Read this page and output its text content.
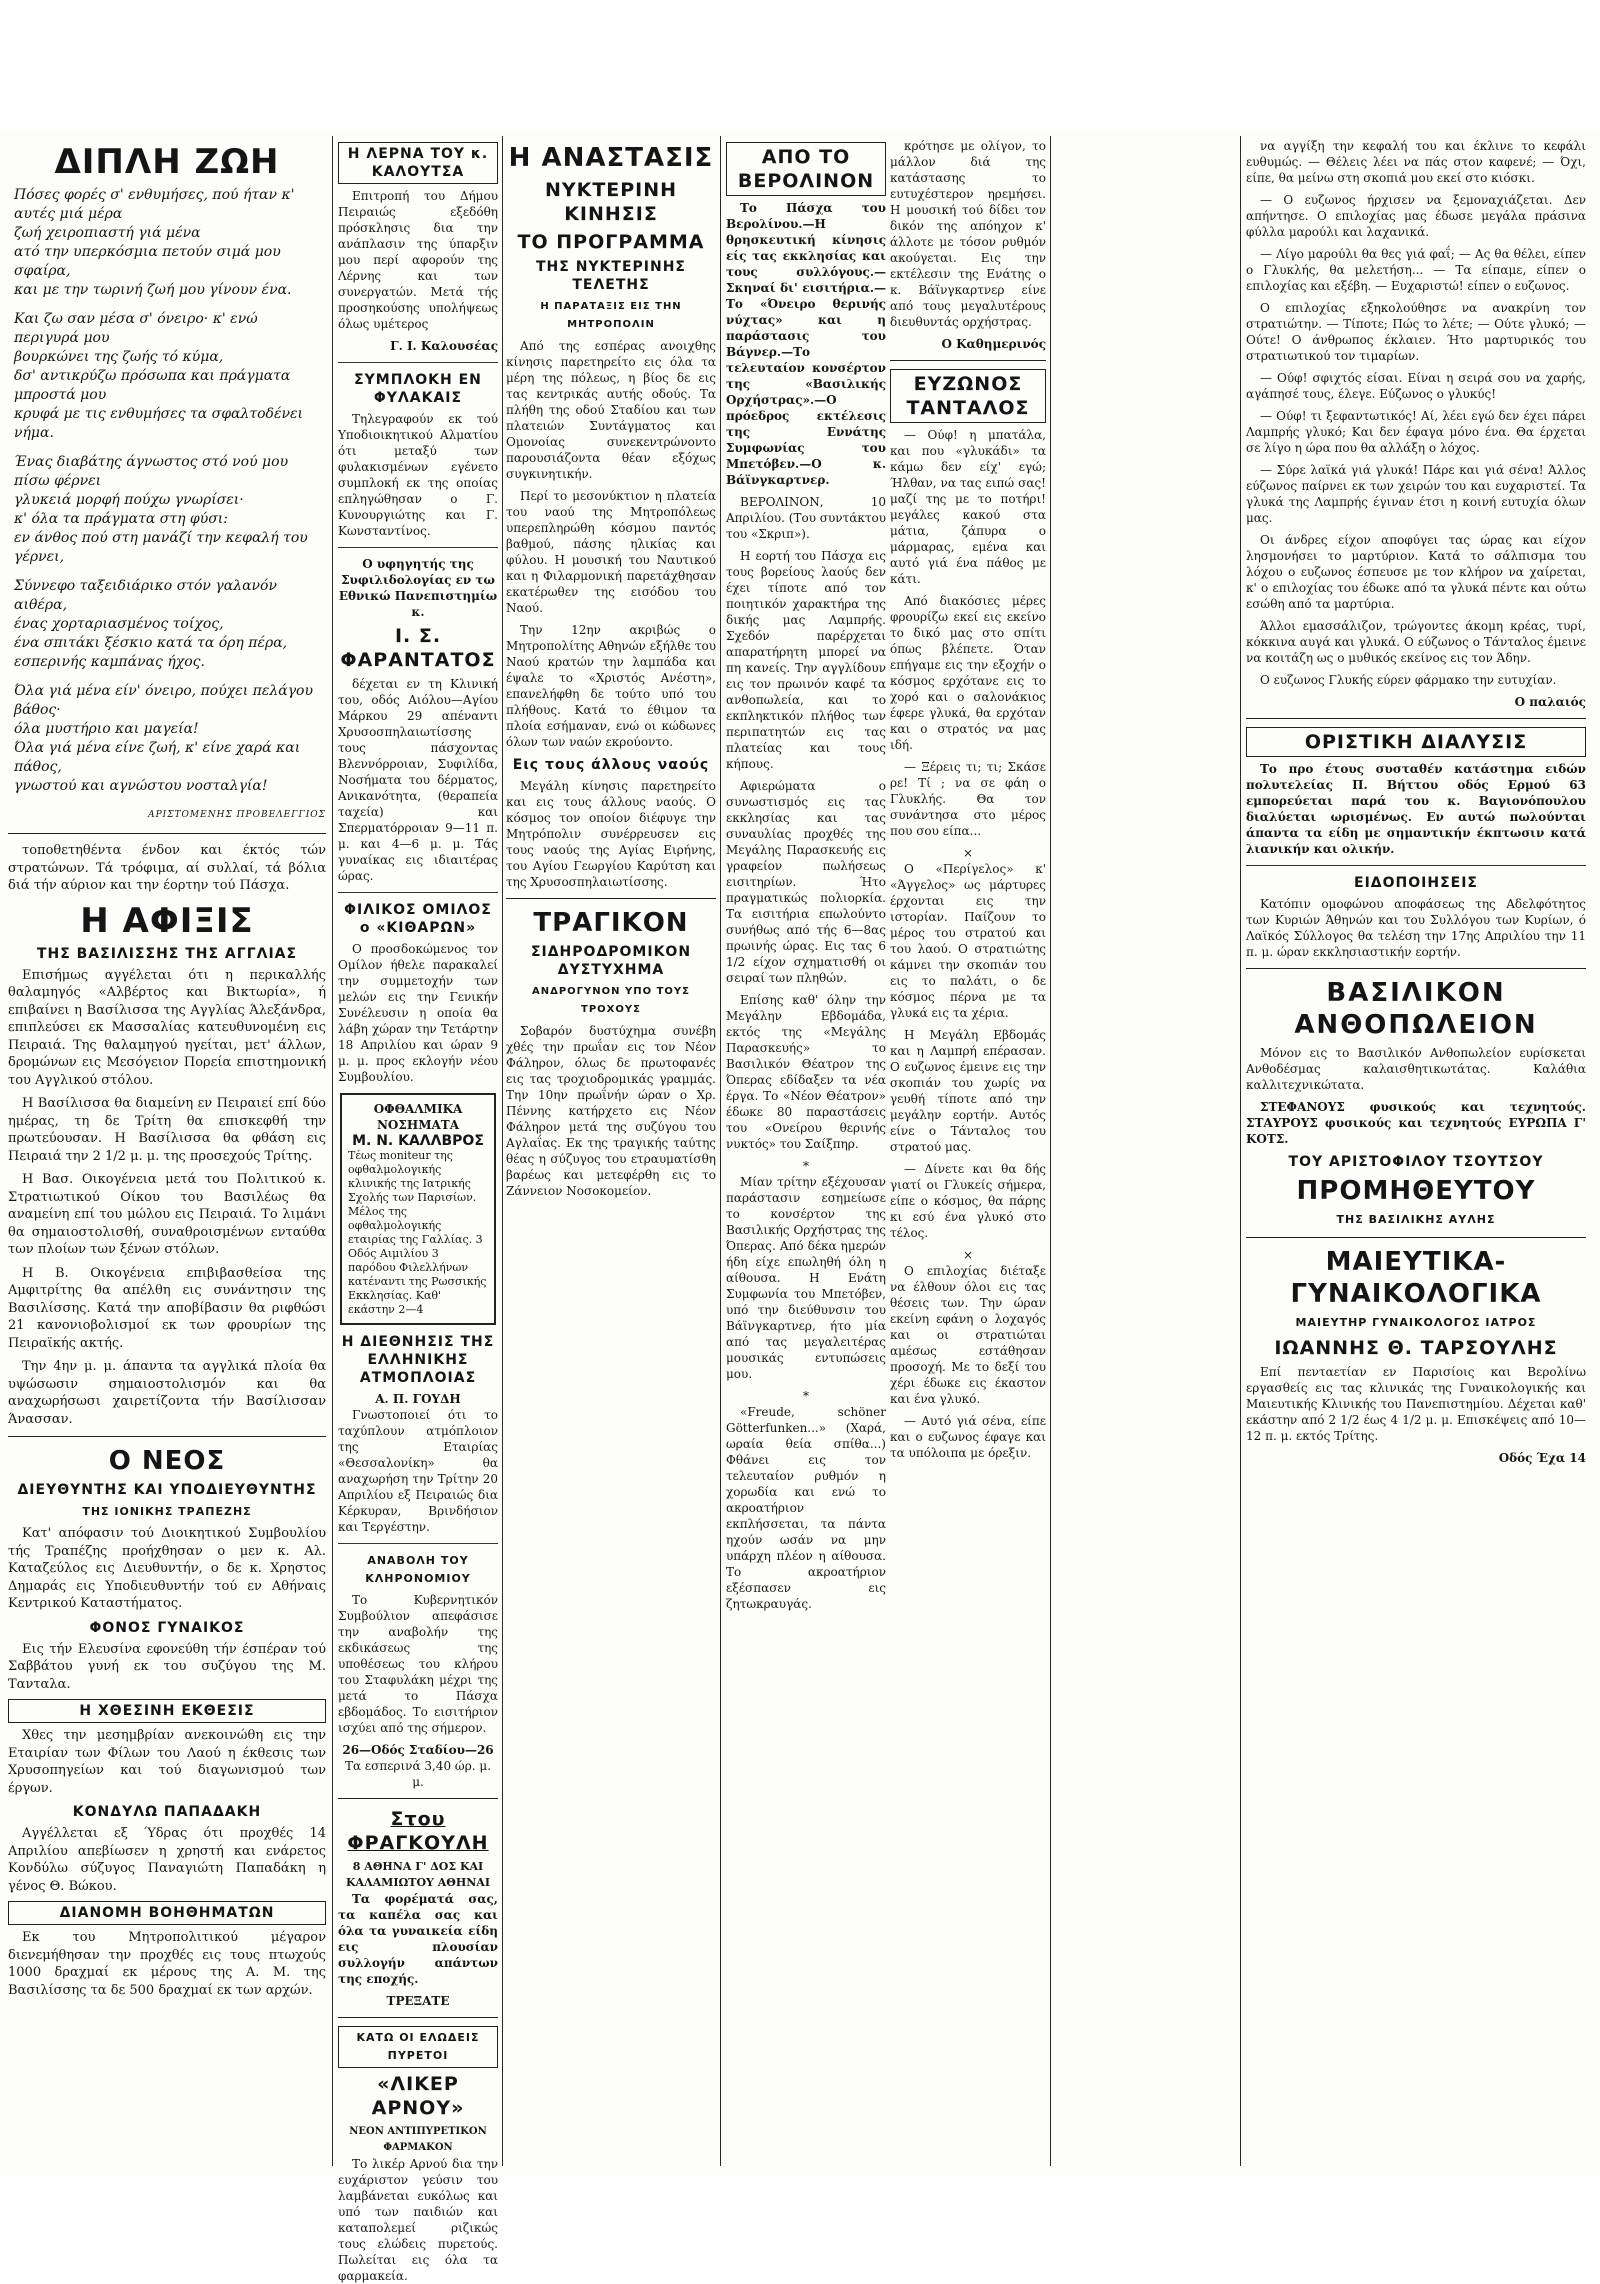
ΔΙΠΛΗ ΖΩΗ

Πόσες φορές σ' ενθυμήσες, πού ήταν κ' αυτές μιά μέρα

ζωή χειροπιαστή γιά μένα

ατό την υπερκόσμια πετούν σιμά μου σφαίρα,

και με την τωρινή ζωή μου γίνουν ένα.

Και ζω σαν μέσα σ' όνειρο· κ' ενώ περιγυρά μου

βουρκώνει της ζωής τό κύμα,

δσ' αντικρύζω πρόσωπα και πράγματα μπροστά μου

κρυφά με τις ενθυμήσες τα σφαλτοδένει νήμα.

Ένας διαβάτης άγνωστος στό νού μου πίσω φέρνει

γλυκειά μορφή πούχω γνωρίσει·

κ' όλα τα πράγματα στη φύσι:

εν άνθος πού στη μανάζί την κεφαλή του γέρνει,

Σύννεφο ταξειδιάρικο στόν γαλανόν αιθέρα,

ένας χορταριασμένος τοίχος,

ένα σπιτάκι ξέσκιο κατά τα όρη πέρα,

εσπερινής καμπάνας ήχος.

Όλα γιά μένα είν' όνειρο, πούχει πελάγου βάθος·

όλα μυστήριο και μαγεία!

Όλα γιά μένα είνε ζωή, κ' είνε χαρά και πάθος,

γνωστού και αγνώστου νοσταλγία!

ΑΡΙΣΤΟΜΕΝΗΣ ΠΡΟΒΕΛΕΓΓΙΟΣ

τοποθετηθέντα ένδον και έκτός τών στρατώνων. Τά τρόφιμα, αί συλλαί, τά βόλια διά τήν αύριον και την έορτην τού Πάσχα.

Η ΑΦΙΞΙΣ
ΤΗΣ ΒΑΣΙΛΙΣΣΗΣ ΤΗΣ ΑΓΓΛΙΑΣ

Επισήμως αγγέλεται ότι η περικαλλής θαλαμηγός «Αλβέρτος και Βικτωρία», ή επιβαίνει η Βασίλισσα της Αγγλίας Άλεξάνδρα, επιπλεύσει εκ Μασσαλίας κατευθυνομένη εις Πειραιά. Της θαλαμηγού ηγείται, μετ' άλλων, δρομώνων εις Μεσόγειον Πορεία επιστημονική του Αγγλικού στόλου.

Η Βασίλισσα θα διαμείνη εν Πειραιεί επί δύο ημέρας, τη δε Τρίτη θα επισκεφθή την πρωτεύουσαν. Η Βασίλισσα θα φθάση εις Πειραιά την 2 1/2 μ. μ. της προσεχούς Τρίτης.

Η Βασ. Οικογένεια μετά του Πολιτικού κ. Στρατιωτικού Οίκου του Βασιλέως θα αναμείνη επί του μώλου εις Πειραιά. Το λιμάνι θα σημαιοστολισθή, συναθροισμένων ενταύθα των πλοίων των ξένων στόλων.

Η Β. Οικογένεια επιβιβασθείσα της Αμφιτρίτης θα απέλθη εις συνάντησιν της Βασιλίσσης. Κατά την αποβίβασιν θα ριφθώσι 21 κανονιοβολισμοί εκ των φρουρίων της Πειραϊκής ακτής.

Την 4ην μ. μ. άπαντα τα αγγλικά πλοία θα υψώσωσιν σημαιοστολισμόν και θα αναχωρήσωσι χαιρετίζοντα τήν Βασίλισσαν Άνασσαν.

Ο ΝΕΟΣ
ΔΙΕΥΘΥΝΤΗΣ ΚΑΙ ΥΠΟΔΙΕΥΘΥΝΤΗΣ
ΤΗΣ ΙΟΝΙΚΗΣ ΤΡΑΠΕΖΗΣ

Κατ' απόφασιν τού Διοικητικού Συμβουλίου τής Τραπέζης προήχθησαν ο μεν κ. Αλ. Καταζεύλος εις Διευθυντήν, ο δε κ. Χρηστος Δημαράς εις Υποδιευθυντήν τού εν Αθήναις Κεντρικού Καταστήματος.

ΦΟΝΟΣ ΓΥΝΑΙΚΟΣ

Εις τήν Ελευσίνα εφονεύθη τήν έσπέραν τού Σαββάτου γυνή εκ του συζύγου της Μ. Τανταλα.

Η ΧΘΕΣΙΝΗ ΕΚΘΕΣΙΣ

Χθες την μεσημβρίαν ανεκοινώθη εις την Εταιρίαν των Φίλων του Λαού η έκθεσις των Χρυσοπηγείων και τού διαγωνισμού των έργων.

ΚΟΝΔΥΛΩ ΠΑΠΑΔΑΚΗ

Αγγέλλεται εξ Ύδρας ότι προχθές 14 Απριλίου απεβίωσεν η χρηστή και ενάρετος Κονδύλω σύζυγος Παναγιώτη Παπαδάκη η γένος Θ. Βώκου.

ΔΙΑΝΟΜΗ ΒΟΗΘΗΜΑΤΩΝ

Εκ του Μητροπολιτικού μέγαρον διενεμήθησαν την προχθές εις τους πτωχούς 1000 δραχμαί εκ μέρους της Α. Μ. της Βασιλίσσης τα δε 500 δραχμαί εκ των αρχών.

Η ΛΕΡΝΑ ΤΟΥ κ. ΚΑΛΟΥΤΣΑ

Επιτροπή του Δήμου Πειραιώς εξεδόθη πρόσκλησις δια την ανάπλασιν της ύπαρξιν μου περί αφορούν της Λέρνης και των συνεργατών. Μετά τής προσηκούσης υπολήψεως όλως υμέτερος

Γ. Ι. Καλουσέας
ΣΥΜΠΛΟΚΗ ΕΝ ΦΥΛΑΚΑΙΣ

Τηλεγραφούν εκ τού Υποδιοικητικού Αλματίου ότι μεταξύ των φυλακισμένων εγένετο συμπλοκή εκ της οποίας επληγώθησαν ο Γ. Κυνουργιώτης και Γ. Κωνσταντίνος.

Ο υφηγητής της Συφιλιδολογίας εν τω Εθνικώ Πανεπιστημίω κ.
Ι. Σ. ΦΑΡΑΝΤΑΤΟΣ

δέχεται εν τη Κλινική του, οδός Αιόλου—Αγίου Μάρκου 29 απέναντι Χρυσοσπηλαιωτίσσης τους πάσχοντας Βλεννόρροιαν, Συφιλίδα, Νοσήματα του δέρματος, Ανικανότητα, (θεραπεία ταχεία) και Σπερματόρροιαν 9—11 π. μ. και 4—6 μ. μ. Τάς γυναίκας εις ιδιαιτέρας ώρας.

ΦΙΛΙΚΟΣ ΟΜΙΛΟΣ ο «ΚΙΘΑΡΩΝ»

Ο προσδοκώμενος τον Ομίλον ήθελε παρακαλεί την συμμετοχήν των μελών εις την Γενικήν Συνέλευσιν η οποία θα λάβη χώραν την Τετάρτην 18 Απριλίου και ώραν 9 μ. μ. προς εκλογήν νέου Συμβουλίου.

ΟΦΘΑΛΜΙΚΑ ΝΟΣΗΜΑΤΑ
Μ. Ν. ΚΑΛΛΒΡΟΣ
Τέως moniteur της οφθαλμολογικής κλινικής της Ιατρικής Σχολής των Παρισίων. Μέλος της οφθαλμολογικής εταιρίας της Γαλλίας. 3 Οδός Αιμιλίου 3 παρόδου Φιλελλήνων κατέναντι της Ρωσσικής Εκκλησίας. Καθ' εκάστην 2—4
Η ΔΙΕΘΝΗΣΙΣ ΤΗΣ ΕΛΛΗΝΙΚΗΣ ΑΤΜΟΠΛΟΙΑΣ
Α. Π. ΓΟΥΔΗ

Γνωστοποιεί ότι το ταχύπλουν ατμόπλοιον της Εταιρίας «Θεσσαλονίκη» θα αναχωρήση την Τρίτην 20 Απριλίου εξ Πειραιώς δια Κέρκυραν, Βρινδήσιον και Τεργέστην.

ΑΝΑΒΟΛΗ ΤΟΥ ΚΛΗΡΟΝΟΜΙΟΥ

Το Κυβερνητικόν Συμβούλιον απεφάσισε την αναβολήν της εκδικάσεως της υποθέσεως του κλήρου του Σταφυλάκη μέχρι της μετά το Πάσχα εβδομάδος. Το εισιτήριον ισχύει από της σήμερον.

26—Οδός Σταδίου—26
Τα εσπερινά 3,40 ώρ. μ. μ.
Στου ΦΡΑΓΚΟΥΛΗ
8 ΑΘΗΝΑ Γ' ΔΟΣ ΚΑΙ ΚΑΛΑΜΙΩΤΟΥ ΑΘΗΝΑΙ

Τα φορέματά σας, τα καπέλα σας και όλα τα γυναικεία είδη εις πλουσίαν συλλογήν απάντων της εποχής.

ΤΡΕΞΑΤΕ
ΚΑΤΩ ΟΙ ΕΛΩΔΕΙΣ ΠΥΡΕΤΟΙ
«ΛΙΚΕΡ ΑΡΝΟΥ»
ΝΕΟΝ ΑΝΤΙΠΥΡΕΤΙΚΟΝ ΦΑΡΜΑΚΟΝ

Το λικέρ Αρνού δια την ευχάριστον γεύσιν του λαμβάνεται ευκόλως και υπό των παιδιών και καταπολεμεί ριζικώς τους ελώδεις πυρετούς. Πωλείται εις όλα τα φαρμακεία.

Η ΑΝΑΣΤΑΣΙΣ
ΝΥΚΤΕΡΙΝΗ ΚΙΝΗΣΙΣ
ΤΟ ΠΡΟΓΡΑΜΜΑ
ΤΗΣ ΝΥΚΤΕΡΙΝΗΣ ΤΕΛΕΤΗΣ
Η ΠΑΡΑΤΑΞΙΣ ΕΙΣ ΤΗΝ ΜΗΤΡΟΠΟΛΙΝ

Από της εσπέρας ανοιχθης κίνησις παρετηρείτο εις όλα τα μέρη της πόλεως, η βίος δε εις τας κεντρικάς αυτής οδούς. Τα πλήθη της οδού Σταδίου και των πλατειών Συντάγματος και Ομονοίας συνεκεντρώνοντο παρουσιάζοντα θέαν εξόχως συγκινητικήν.

Περί το μεσονύκτιον η πλατεία του ναού της Μητροπόλεως υπερεπληρώθη κόσμου παντός βαθμού, πάσης ηλικίας και φύλου. Η μουσική του Ναυτικού και η Φιλαρμονική παρετάχθησαν εκατέρωθεν της εισόδου του Ναού.

Την 12ην ακριβώς ο Μητροπολίτης Αθηνών εξήλθε του Ναού κρατών την λαμπάδα και έψαλε το «Χριστός Ανέστη», επανελήφθη δε τούτο υπό του πλήθους. Κατά το έθιμον τα πλοία εσήμαναν, ενώ οι κώδωνες όλων των ναών εκρούοντο.

Εις τους άλλους ναούς

Μεγάλη κίνησις παρετηρείτο και εις τους άλλους ναούς. Ο κόσμος τον οποίον διέφυγε την Μητρόπολιν συνέρρευσεν εις τους ναούς της Αγίας Ειρήνης, του Αγίου Γεωργίου Καρύτση και της Χρυσοσπηλαιωτίσσης.

ΤΡΑΓΙΚΟΝ
ΣΙΔΗΡΟΔΡΟΜΙΚΟΝ ΔΥΣΤΥΧΗΜΑ
ΑΝΔΡΟΓΥΝΟΝ ΥΠΟ ΤΟΥΣ ΤΡΟΧΟΥΣ

Σοβαρόν δυστύχημα συνέβη χθές την πρωΐαν εις τον Νέον Φάληρον, όλως δε πρωτοφανές εις τας τροχιοδρομικάς γραμμάς. Την 10ην πρωΐνήν ώραν ο Χρ. Πέννης κατήρχετο εις Νέον Φάληρον μετά της συζύγου του Αγλαΐας. Εκ της τραγικής ταύτης θέας η σύζυγος του ετραυματίσθη βαρέως και μετεφέρθη εις το Ζάννειον Νοσοκομείον.

ΑΠΟ ΤΟ ΒΕΡΟΛΙΝΟΝ

Το Πάσχα του Βερολίνου.—Η θρησκευτική κίνησις είς τας εκκλησίας και τους συλλόγους.—Σκηναί δι' εισιτήρια.—Το «Όνειρο θερινής νύχτας» και η παράστασις του Βάγνερ.—Το τελευταίον κονσέρτον της «Βασιλικής Ορχήστρας».—Ο πρόεδρος εκτέλεσις της Εννάτης Συμφωνίας του Μπετόβεν.—Ο κ. Βάϊνγκαρτνερ.

ΒΕΡΟΛΙΝΟΝ, 10 Απριλίου. (Του συντάκτου του «Σκριπ»).

Η εορτή του Πάσχα εις τους βορείους λαούς δεν έχει τίποτε από τον ποιητικόν χαρακτήρα της δικής μας Λαμπρής. Σχεδόν παρέρχεται απαρατήρητη μπορεί να πη κανείς. Την αγγλίδουν εις τον πρωινόν καφέ τα ανθοπωλεία, και το εκπληκτικόν πλήθος των περιπατητών εις τας πλατείας και τους κήπους.

Αφιερώματα ο συνωστισμός εις τας εκκλησίας και τας συναυλίας προχθές της Μεγάλης Παρασκευής εις γραφείον πωλήσεως εισιτηρίων. Ήτο πραγματικώς πολιορκία. Τα εισιτήρια επωλούντο συνήθως από τής 6—8ας πρωινής ώρας. Εις τας 6 1/2 είχον σχηματισθή οι σειραί των πληθών.

Επίσης καθ' όλην την Μεγάλην Εβδομάδα, εκτός της «Μεγάλης Παρασκευής» το Βασιλικόν Θέατρον της Όπερας εδίδαξεν τα νέα έργα. Το «Νέον Θέατρον» έδωκε 80 παραστάσεις του «Ονείρου θερινής νυκτός» του Σαίξπηρ.

*

Μίαν τρίτην εξέχουσαν παράστασιν εσημείωσε το κονσέρτον της Βασιλικής Ορχήστρας της Όπερας. Από δέκα ημερών ήδη είχε επωληθή όλη η αίθουσα. Η Ενάτη Συμφωνία του Μπετόβεν, υπό την διεύθυνσιν του Βάϊνγκαρτνερ, ήτο μία από τας μεγαλειτέρας μουσικάς εντυπώσεις μου.

*

«Freude, schöner Götterfunken...» (Χαρά, ωραία θεία σπίθα...) Φθάνει εις τον τελευταίον ρυθμόν η χορωδία και ενώ το ακροατήριον εκπλήσσεται, τα πάντα ηχούν ωσάν να μην υπάρχη πλέον η αίθουσα. Το ακροατήριον εξέσπασεν εις ζητωκραυγάς.

κρότησε με ολίγον, το μάλλον διά της κατάστασης το ευτυχέστερον ηρεμήσει. Η μουσική τού δίδει τον δικόν της απόηχον κ' άλλοτε με τόσον ρυθμόν ακούγεται. Εις την εκτέλεσιν της Ενάτης ο κ. Βάϊνγκαρτνερ είνε από τους μεγαλυτέρους διευθυντάς ορχήστρας.

Ο Καθημερινός
ΕΥΖΩΝΟΣ ΤΑΝΤΑΛΟΣ

— Ούφ! η μπατάλα, και που «γλυκάδι» τα κάμω δεν είχ' εγώ; Ήλθαν, να τας ειπώ σας! μαζί της με το ποτήρι! μεγάλες κακού στα μάτια, ζάπυρα ο μάρμαρας, εμένα και αυτό γιά ένα πάθος με κάτι.

Από διακόσιες μέρες φρουρίζω εκεί εις εκείνο το δικό μας στο σπίτι όπως βλέπετε. Όταν επήγαμε εις την εξοχήν ο κόσμος ερχότανε εις το χορό και ο σαλονάκιος έφερε γλυκά, θα ερχόταν και ο στρατός να μας ιδή.

— Ξέρεις τι; τι; Σκάσε ρε! Τί ; να σε φάη ο Γλυκλής. Θα τον συνάντησα στο μέρος που σου είπα...

×

Ο «Περίγελος» κ' «Άγγελος» ως μάρτυρες έρχονται εις την ιστορίαν. Παίζουν το μέρος του στρατού και του λαού. Ο στρατιώτης κάμνει την σκοπιάν του εις το παλάτι, ο δε κόσμος πέρνα με τα γλυκά εις τα χέρια.

Η Μεγάλη Εβδομάς και η Λαμπρή επέρασαν. Ο ευζωνος έμεινε εις την σκοπιάν του χωρίς να γευθή τίποτε από την μεγάλην εορτήν. Αυτός είνε ο Τάνταλος του στρατού μας.

— Δίνετε και θα δής γιατί οι Γλυκείς σήμερα, είπε ο κόσμος, θα πάρης κι εσύ ένα γλυκό στο τέλος.

×

Ο επιλοχίας διέταξε να έλθουν όλοι εις τας θέσεις των. Την ώραν εκείνη εφάνη ο λοχαγός και οι στρατιώται αμέσως εστάθησαν προσοχή. Με το δεξί του χέρι έδωκε εις έκαστον και ένα γλυκό.

— Αυτό γιά σένα, είπε και ο ευζωνος έφαγε και τα υπόλοιπα με όρεξιν.

να αγγίξη την κεφαλή του και έκλινε το κεφάλι ευθυμώς. — Θέλεις λέει να πάς στον καφενέ; — Όχι, είπε, θα μείνω στη σκοπιά μου εκεί στο κιόσκι.

— Ο ευζωνος ήρχισεν να ξεμοναχιάζεται. Δεν απήντησε. Ο επιλοχίας μας έδωσε μεγάλα πράσινα φύλλα μαρούλι και λαχανικά.

— Λίγο μαρούλι θα θες γιά φαΐ; — Ας θα θέλει, είπεν ο Γλυκλής, θα μελετήση... — Τα είπαμε, είπεν ο επιλοχίας και εξέβη. — Ευχαριστώ! είπεν ο ευζωνος.

Ο επιλοχίας εξηκολούθησε να ανακρίνη τον στρατιώτην. — Τίποτε; Πώς το λέτε; — Ούτε γλυκό; — Ούτε! Ο άνθρωπος έκλαιεν. Ήτο μαρτυρικός του στρατιωτικού τον τιμαρίων.

— Ούφ! σφιχτός είσαι. Είναι η σειρά σου να χαρής, αγάπησέ τους, έλεγε. Εύζωνος ο γλυκύς!

— Ούφ! τι ξεφαντωτικός! Αί, λέει εγώ δεν έχει πάρει Λαμπρής γλυκό; Και δεν έφαγα μόνο ένα. Θα έρχεται σε λίγο η ώρα που θα αλλάξη ο λόχος.

— Σύρε λαϊκά γιά γλυκά! Πάρε και γιά σένα! Άλλος εύζωνος παίρνει εκ των χειρών του και ευχαριστεί. Τα γλυκά της Λαμπρής έγιναν έτσι η κοινή ευτυχία όλων μας.

Οι άνδρες είχον αποφύγει τας ώρας και είχον λησμονήσει το μαρτύριον. Κατά το σάλπισμα του λόχου ο ευζωνος έσπευσε με τον κλήρον να χαίρεται, κ' ο επιλοχίας του έδωκε από τα γλυκά πέντε και ούτω εσώθη από τα μαρτύρια.

Άλλοι εμασσάλιζον, τρώγοντες άκομη κρέας, τυρί, κόκκινα αυγά και γλυκά. Ο εύζωνος ο Τάνταλος έμεινε να κοιτάζη ως ο μυθικός εκείνος εις τον Άδην.

Ο ευζωνος Γλυκής εύρεν φάρμακο την ευτυχίαν.

Ο παλαιός
ΟΡΙΣΤΙΚΗ ΔΙΑΛΥΣΙΣ

Το προ έτους συσταθέν κατάστημα ειδών πολυτελείας Π. Βήττου οδός Ερμού 63 εμπορεύεται παρά του κ. Βαγιονόπουλου διαλύεται ωρισμένως. Εν αυτώ πωλούνται άπαντα τα είδη με σημαντικήν έκπτωσιν κατά λιανικήν και ολικήν.

ΕΙΔΟΠΟΙΗΣΕΙΣ

Κατόπιν ομοφώνου αποφάσεως της Αδελφότητος των Κυριών Άθηνών και του Συλλόγου των Κυρίων, ό Λαϊκός Σύλλογος θα τελέση την 17ης Απριλίου την 11 π. μ. ώραν εκκλησιαστικήν εορτήν.

ΒΑΣΙΛΙΚΟΝ ΑΝΘΟΠΩΛΕΙΟΝ

Μόνον εις το Βασιλικόν Ανθοπωλείον ευρίσκεται Ανθοδέσμας καλαισθητικωτάτας. Καλάθια καλλιτεχνικώτατα.

ΣΤΕΦΑΝΟΥΣ φυσικούς και τεχνητούς. ΣΤΑΥΡΟΥΣ φυσικούς και τεχνητούς ΕΥΡΩΠΑ Γ' ΚΟΤΣ.

ΤΟΥ ΑΡΙΣΤΟΦΙΛΟΥ ΤΣΟΥΤΣΟΥ
ΠΡΟΜΗΘΕΥΤΟΥ
ΤΗΣ ΒΑΣΙΛΙΚΗΣ ΑΥΛΗΣ
ΜΑΙΕΥΤΙΚΑ-ΓΥΝΑΙΚΟΛΟΓΙΚΑ
ΜΑΙΕΥΤΗΡ ΓΥΝΑΙΚΟΛΟΓΟΣ ΙΑΤΡΟΣ
ΙΩΑΝΝΗΣ Θ. ΤΑΡΣΟΥΛΗΣ

Επί πενταετίαν εν Παρισίοις και Βερολίνω εργασθείς εις τας κλινικάς της Γυναικολογικής και Μαιευτικής Κλινικής του Πανεπιστημίου. Δέχεται καθ' εκάστην από 2 1/2 έως 4 1/2 μ. μ. Επισκέψεις από 10—12 π. μ. εκτός Τρίτης.

Οδός Έχα 14
